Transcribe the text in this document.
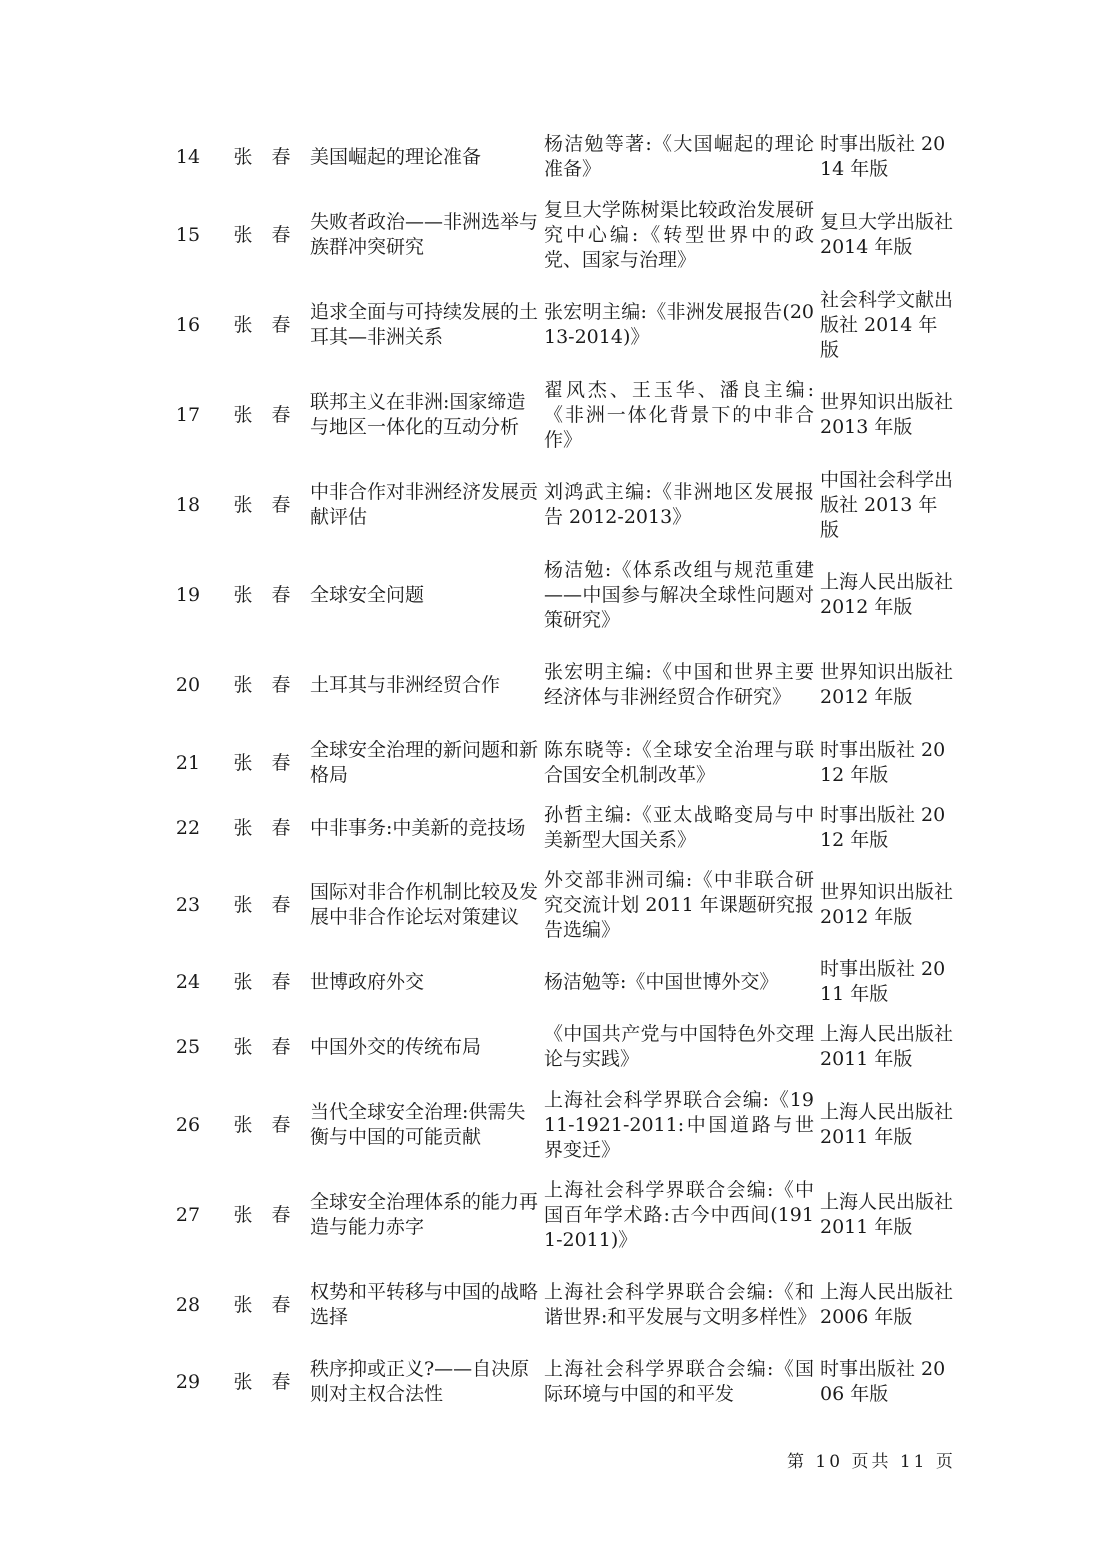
14	张　春	美国崛起的理论准备	杨洁勉等著:《大国崛起的理论准备》	时事出版社 2014 年版
15	张　春	失败者政治——非洲选举与族群冲突研究	复旦大学陈树渠比较政治发展研究中心编:《转型世界中的政党、国家与治理》	复旦大学出版社 2014 年版
16	张　春	追求全面与可持续发展的土耳其—非洲关系	张宏明主编:《非洲发展报告(2013-2014)》	社会科学文献出版社 2014 年版
17	张　春	联邦主义在非洲:国家缔造与地区一体化的互动分析	翟风杰、王玉华、潘良主编:《非洲一体化背景下的中非合作》	世界知识出版社 2013 年版
18	张　春	中非合作对非洲经济发展贡献评估	刘鸿武主编:《非洲地区发展报告 2012-2013》	中国社会科学出版社 2013 年版
19	张　春	全球安全问题	杨洁勉:《体系改组与规范重建——中国参与解决全球性问题对策研究》	上海人民出版社 2012 年版
20	张　春	土耳其与非洲经贸合作	张宏明主编:《中国和世界主要经济体与非洲经贸合作研究》	世界知识出版社 2012 年版
21	张　春	全球安全治理的新问题和新格局	陈东晓等:《全球安全治理与联合国安全机制改革》	时事出版社 2012 年版
22	张　春	中非事务:中美新的竞技场	孙哲主编:《亚太战略变局与中美新型大国关系》	时事出版社 2012 年版
23	张　春	国际对非合作机制比较及发展中非合作论坛对策建议	外交部非洲司编:《中非联合研究交流计划 2011 年课题研究报告选编》	世界知识出版社 2012 年版
24	张　春	世博政府外交	杨洁勉等:《中国世博外交》	时事出版社 2011 年版
25	张　春	中国外交的传统布局	《中国共产党与中国特色外交理论与实践》	上海人民出版社 2011 年版
26	张　春	当代全球安全治理:供需失衡与中国的可能贡献	上海社会科学界联合会编:《1911-1921-2011:中国道路与世界变迁》	上海人民出版社 2011 年版
27	张　春	全球安全治理体系的能力再造与能力赤字	上海社会科学界联合会编:《中国百年学术路:古今中西间(1911-2011)》	上海人民出版社 2011 年版
28	张　春	权势和平转移与中国的战略选择	上海社会科学界联合会编:《和谐世界:和平发展与文明多样性》	上海人民出版社 2006 年版
29	张　春	秩序抑或正义?——自决原则对主权合法性	上海社会科学界联合会编:《国际环境与中国的和平发	时事出版社 2006 年版
第 10 页共 11 页
